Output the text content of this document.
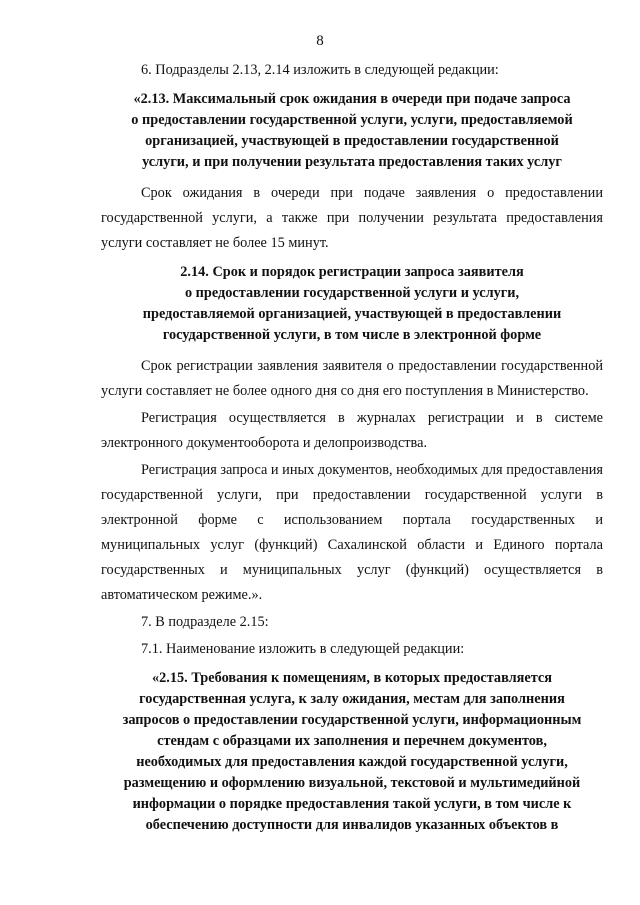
8

6. Подразделы 2.13, 2.14 изложить в следующей редакции:

«2.13. Максимальный срок ожидания в очереди при подаче запроса
о предоставлении государственной услуги, услуги, предоставляемой
организацией, участвующей в предоставлении государственной
услуги, и при получении результата предоставления таких услуг

Срок ожидания в очереди при подаче заявления о предоставлении государственной услуги, а также при получении результата предоставления услуги составляет не более 15 минут.

2.14. Срок и порядок регистрации запроса заявителя
о предоставлении государственной услуги и услуги,
предоставляемой организацией, участвующей в предоставлении
государственной услуги, в том числе в электронной форме

Срок регистрации заявления заявителя о предоставлении государственной услуги составляет не более одного дня со дня его поступления в Министерство.

Регистрация осуществляется в журналах регистрации и в системе электронного документооборота и делопроизводства.

Регистрация запроса и иных документов, необходимых для предоставления государственной услуги, при предоставлении государственной услуги в электронной форме с использованием портала государственных и муниципальных услуг (функций) Сахалинской области и Единого портала государственных и муниципальных услуг (функций) осуществляется в автоматическом режиме.».

7. В подразделе 2.15:

7.1. Наименование изложить в следующей редакции:

«2.15. Требования к помещениям, в которых предоставляется
государственная услуга, к залу ожидания, местам для заполнения
запросов о предоставлении государственной услуги, информационным
стендам с образцами их заполнения и перечнем документов,
необходимых для предоставления каждой государственной услуги,
размещению и оформлению визуальной, текстовой и мультимедийной
информации о порядке предоставления такой услуги, в том числе к
обеспечению доступности для инвалидов указанных объектов в
